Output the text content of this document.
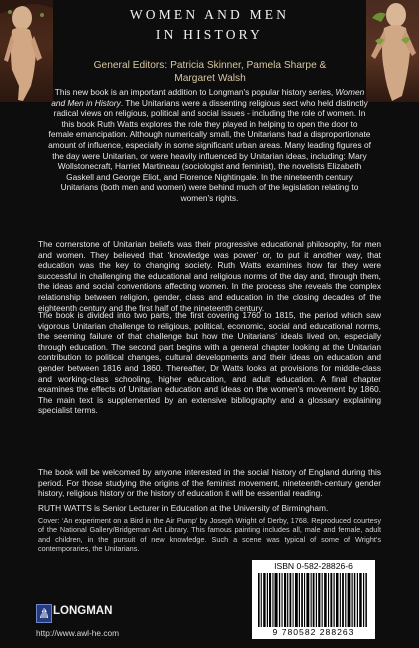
WOMEN AND MEN
IN HISTORY
General Editors: Patricia Skinner, Pamela Sharpe &
Margaret Walsh

This new book is an important addition to Longman's popular history series, Women and Men in History. The Unitarians were a dissenting religious sect who held distinctly radical views on religious, political and social issues - including the role of women. In this book Ruth Watts explores the role they played in helping to open the door to female emancipation. Although numerically small, the Unitarians had a disproportionate amount of influence, especially in some significant urban areas. Many leading figures of the day were Unitarian, or were heavily influenced by Unitarian ideas, including: Mary Wollstonecraft, Harriet Martineau (sociologist and feminist), the novelists Elizabeth Gaskell and George Eliot, and Florence Nightingale. In the nineteenth century Unitarians (both men and women) were behind much of the legislation relating to women's rights.

The cornerstone of Unitarian beliefs was their progressive educational philosophy, for men and women. They believed that ‘knowledge was power’ or, to put it another way, that education was the key to changing society. Ruth Watts examines how far they were successful in challenging the educational and religious norms of the day and, through them, the ideas and social conventions affecting women. In the process she reveals the complex relationship between religion, gender, class and education in the closing decades of the eighteenth century and the first half of the nineteenth century.

The book is divided into two parts, the first covering 1760 to 1815, the period which saw vigorous Unitarian challenge to religious, political, economic, social and educational norms, the seeming failure of that challenge but how the Unitarians’ ideals lived on, especially through education. The second part begins with a general chapter looking at the Unitarian contribution to political changes, cultural developments and their ideas on education and gender between 1816 and 1860. Thereafter, Dr Watts looks at provisions for middle-class and working-class schooling, higher education, and adult education. A final chapter examines the effects of Unitarian education and ideas on the women's movement by 1860. The main text is supplemented by an extensive bibliography and a glossary explaining specialist terms.

The book will be welcomed by anyone interested in the social history of England during this period. For those studying the origins of the feminist movement, nineteenth-century gender history, religious history or the history of education it will be essential reading.

RUTH WATTS is Senior Lecturer in Education at the University of Birmingham.

Cover: ‘An experiment on a Bird in the Air Pump’ by Joseph Wright of Derby, 1768. Reproduced courtesy of the National Gallery/Bridgeman Art Library. This famous painting includes all, male and female, adult and children, in the pursuit of new knowledge. Such a scene was typical of some of Wright's contemporaries, the Unitarians.

ISBN 0-582-28826-6
9 780582 288263
LONGMAN
http://www.awl-he.com
